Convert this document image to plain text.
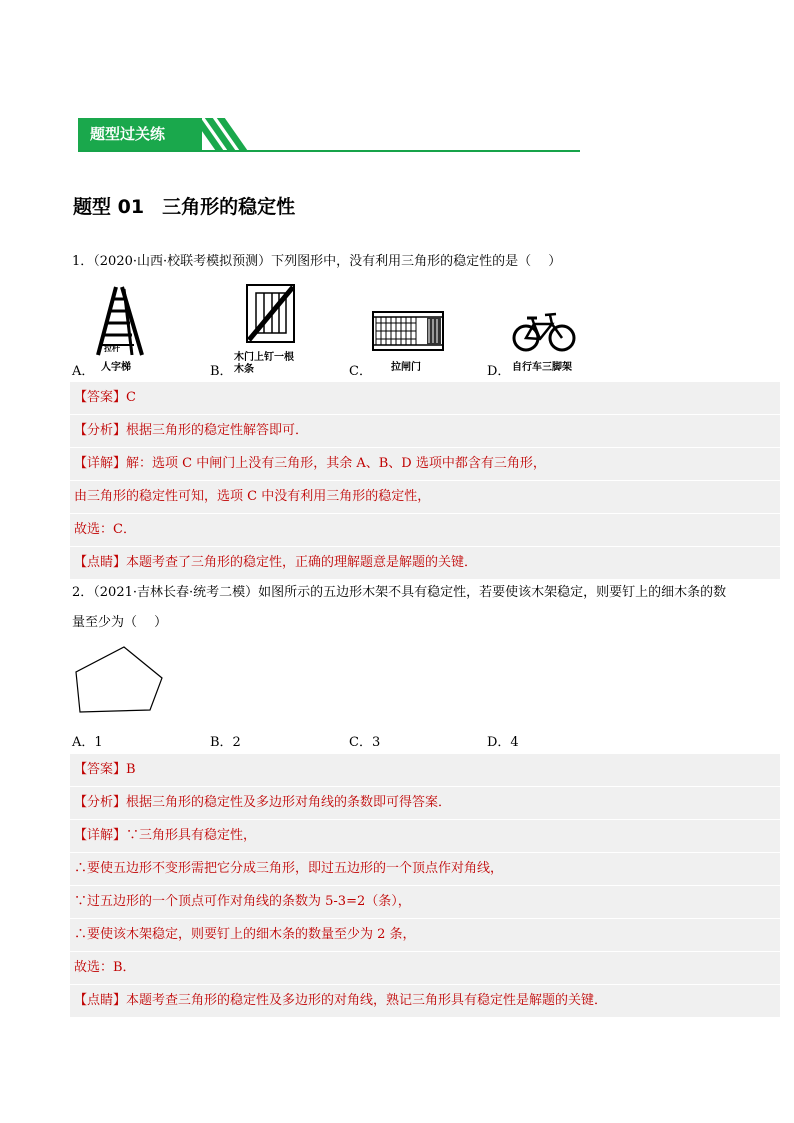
题型过关练
题型 01 三角形的稳定性
1．（2020·山西·校联考模拟预测）下列图形中，没有利用三角形的稳定性的是（　 ）
A．
拉杆
人字梯	B．
木门上钉一根
木条	C． 拉闸门	D． 自行车三脚架
【答案】C
【分析】根据三角形的稳定性解答即可．
【详解】解：选项 C 中闸门上没有三角形，其余 A、B、D 选项中都含有三角形，
由三角形的稳定性可知，选项 C 中没有利用三角形的稳定性，
故选：C．
【点睛】本题考查了三角形的稳定性，正确的理解题意是解题的关键．
2．（2021·吉林长春·统考二模）如图所示的五边形木架不具有稳定性，若要使该木架稳定，则要钉上的细木条的数量至少为（　 ）
A．1	B．2	C．3	D．4
【答案】B
【分析】根据三角形的稳定性及多边形对角线的条数即可得答案．
【详解】∵三角形具有稳定性，
∴要使五边形不变形需把它分成三角形，即过五边形的一个顶点作对角线，
∵过五边形的一个顶点可作对角线的条数为 5-3=2（条），
∴要使该木架稳定，则要钉上的细木条的数量至少为 2 条，
故选：B．
【点睛】本题考查三角形的稳定性及多边形的对角线，熟记三角形具有稳定性是解题的关键．
